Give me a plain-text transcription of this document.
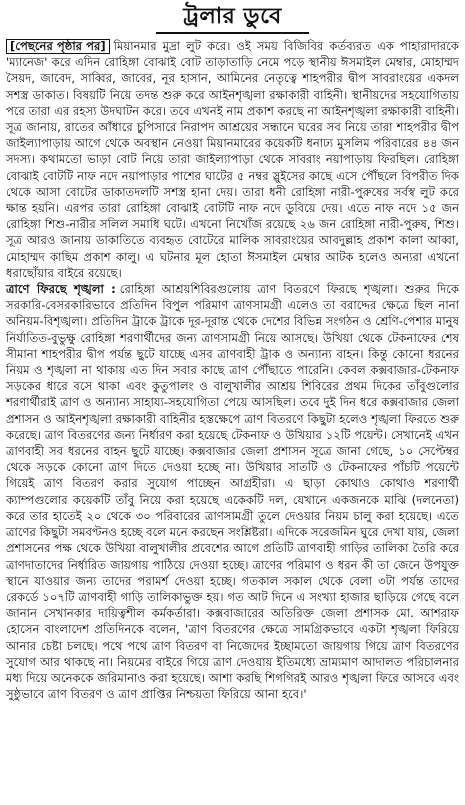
ট্রলার ডুবে

[পেছনের পৃষ্ঠার পর] মিয়ানমার মুদ্রা লুট করে। ওই সময় বিজিবির কর্তব্যরত এক পাহারাদারকে 'ম্যানেজ' করে এদিন রোহিঙ্গা বোঝাই বোট তাড়াতাড়ি নেমে পড়ে স্থানীয় ঈসমাইল মেম্বার, মোহাম্মদ সৈয়দ, জাবেদ, সাব্বির, জাবের, নূর হাসান, আমিনের নেতৃত্বে শাহপরীর দ্বীপ সাবরাংয়ের একদল সশস্ত্র ডাকাত। বিষয়টি নিয়ে তদন্ত শুরু করে আইনশৃঙ্খলা রক্ষাকারী বাহিনী। স্থানীয়দের সহযোগিতায় পরে তারা এর রহস্য উদঘাটন করে। তবে এখনই নাম প্রকাশ করছে না আইনশৃঙ্খলা রক্ষাকারী বাহিনী। সূত্র জানায়, রাতের আঁধারে চুপিসারে নিরাপদ আশ্রয়ের সন্ধানে ঘরের সব নিয়ে তারা শাহপরীর দ্বীপ জাইল্যাপাড়ায় আগে থেকে অবস্থান নেওয়া মিয়ানমারের কয়েকটি ধনাঢ্য মুসলিম পরিবারের ৪৪ জন সদস্য। কথামতো ভাড়া বোট নিয়ে তারা জাইল্যাপাড়া থেকে সাবরাং নয়াপাড়ায় ফিরছিল। রোহিঙ্গা বোঝাই বোটটি নাফ নদে নয়াপাড়ার পাশের ঘাটের ৫ নম্বর স্লুইসের কাছে এসে পৌঁছলে বিপরীত দিক থেকে আসা বোটের ডাকাতদলটি সশস্ত্র হানা দেয়। তারা ধনী রোহিঙ্গা নারী-পুরুষের সর্বস্ব লুট করে ক্ষান্ত হয়নি। এরপর তারা রোহিঙ্গা বোঝাই বোটটি নাফ নদে ডুবিয়ে দেয়। এতে নাফ নদে ১৫ জন রোহিঙ্গা শিশু-নারীর সলিল সমাধি ঘটে। এখনো নিখোঁজ রয়েছে ২৬ জন রোহিঙ্গা নারী-পুরুষ, শিশু। সূত্র আরও জানায় ডাকাতিতে ব্যবহৃত বোটেরে মালিক সাবরাংয়ের আবদুল্লাহ প্রকাশ কালা আব্বা, মোহাম্মদ কাছিম প্রকাশ কালু। এ ঘটনার মূল হোতা ঈসমাইল মেম্বার আটক হলেও অন্যরা এখনো ধরাছোঁয়ার বাইরে রয়েছে।

ত্রাণে ফিরছে শৃঙ্খলা : রোহিঙ্গা আশ্রয়শিবিরগুলোয় ত্রাণ বিতরণে ফিরছে শৃঙ্খলা। শুরুর দিকে সরকারি-বেসরকারিভাবে প্রতিদিন বিপুল পরিমাণ ত্রাণসামগ্রী এলেও তা বরাদ্দের ক্ষেত্রে ছিল নানা অনিয়ম-বিশৃঙ্খলা। প্রতিদিন ট্রাকে ট্রাকে দূর-দূরান্ত থেকে দেশের বিভিন্ন সংগঠন ও শ্রেণি-পেশার মানুষ নির্যাতিত-বুভুক্ষু রোহিঙ্গা শরণার্থীদের জন্য ত্রাণসামগ্রী নিয়ে আসছে। উখিয়া থেকে টেকনাফের শেষ সীমানা শাহপরীর দ্বীপ পর্যন্ত ছুটে যাচ্ছে এসব ত্রাণবাহী ট্রাক ও অন্যান্য বাহন। কিন্তু কোনো ধরনের নিয়ম ও শৃঙ্খলা না থাকায় এত দিন সবার কাছে ত্রাণ পৌঁছাতে পারেনি। কেবল কক্সবাজার-টেকনাফ সড়কের ধারে বসে থাকা এবং কুতুপালং ও বালুখালীর আশ্রয় শিবিরের প্রথম দিকের তাঁবুগুলোর শরণার্থীরাই ত্রাণ ও অন্যান্য সাহায্য-সহযোগিতা পেয়ে আসছিল। তবে দুই দিন ধরে কক্সবাজার জেলা প্রশাসন ও আইনশৃঙ্খলা রক্ষাকারী বাহিনীর হস্তক্ষেপে ত্রাণ বিতরণে কিছুটা হলেও শৃঙ্খলা ফিরতে শুরু করেছে। ত্রাণ বিতরণের জন্য নির্ধারণ করা হয়েছে টেকনাফ ও উখিয়ার ১২টি পয়েন্ট। সেখানেই এখন ত্রাণবাহী সব ধরনের বাহন ছুটে যাচ্ছে। কক্সবাজার জেলা প্রশাসন সূত্রে জানা গেছে, ১০ সেপ্টেম্বর থেকে সড়কে কোনো ত্রাণ দিতে দেওয়া হচ্ছে না। উখিয়ার সাতটি ও টেকনাফের পাঁচটি পয়েন্টে গিয়েই ত্রাণ বিতরণ করার সুযোগ পাচ্ছেন আগ্রহীরা। এ ছাড়া কোথাও কোথাও শরণার্থী ক্যাম্পগুলোর কয়েকটি তাঁবু নিয়ে করা হয়েছে একেকটি দল, যেখানে একজনকে মাঝি (দলনেতা) করে তার হাতেই ২০ থেকে ৩০ পরিবারের ত্রাণসামগ্রী তুলে দেওয়ার নিয়ম চালু করা হয়েছে। এতে ত্রাণের কিছুটা সমবণ্টনও হচ্ছে বলে মনে করছেন সংশ্লিষ্টরা। এদিকে সরেজমিন ঘুরে দেখা যায়, জেলা প্রশাসনের পক্ষ থেকে উখিয়া বালুখালীর প্রবেশের আগে প্রতিটি ত্রাণবাহী গাড়ির তালিকা তৈরি করে ত্রাণদাতাদের নির্ধারিত জায়গায় পাঠিয়ে দেওয়া হচ্ছে। ত্রাণের পরিমাণ ও ধরন কী তা জেনে উপযুক্ত স্থানে যাওয়ার জন্য তাদের পরামর্শ দেওয়া হচ্ছে। গতকাল সকাল থেকে বেলা ৩টা পর্যন্ত তাদের রেকর্ডে ১০৭টি ত্রাণবাহী গাড়ি তালিকাভুক্ত হয়। গত আট দিনে এ সংখ্যা হাজার ছাড়িয়ে গেছে বলে জানান সেখানকার দায়িত্বশীল কর্মকর্তারা। কক্সবাজারের অতিরিক্ত জেলা প্রশাসক মো. আশরাফ হোসেন বাংলাদেশ প্রতিদিনকে বলেন, 'ত্রাণ বিতরণের ক্ষেত্রে সামগ্রিকভাবে একটা শৃঙ্খলা ফিরিয়ে আনার চেষ্টা চলছে। পথে পথে ত্রাণ বিতরণ বা নিজেদের ইচ্ছামতো জায়গায় গিয়ে ত্রাণ বিতরণের সুযোগ আর থাকছে না। নিয়মের বাইরে গিয়ে ত্রাণ দেওয়ায় ইতিমধ্যে ভ্রাম্যমাণ আদালত পরিচালনার মধ্য দিয়ে অনেককে জরিমানাও করা হয়েছে। আশা করছি শিগগিরই আরও শৃঙ্খলা ফিরে আসবে এবং সুষ্ঠুভাবে ত্রাণ বিতরণ ও ত্রাণ প্রাপ্তির নিশ্চয়তা ফিরিয়ে আনা হবে।'
